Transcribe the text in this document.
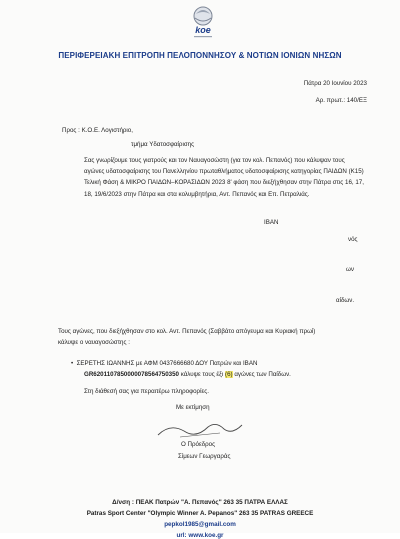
koe
ΠΕΡΙΦΕΡΕΙΑΚΗ ΕΠΙΤΡΟΠΗ ΠΕΛΟΠΟΝΝΗΣΟΥ & ΝΟΤΙΩΝ ΙΟΝΙΩΝ ΝΗΣΩΝ
Πάτρα 20 Ιουνίου 2023
Αρ. πρωτ.: 140/ΕΞ
Προς : Κ.Ο.Ε. Λογιστήριο,
τμήμα Υδατοσφαίρισης
Σας γνωρίζουμε τους γιατρούς και τον Ναυαγοσώστη (για τον κολ. Πεπανός) που κάλυψαν τους αγώνες υδατοσφαίρισης του Πανελληνίου πρωταθλήματος υδατοσφαίρισης κατηγορίας ΠΑΙΔΩΝ (Κ15) Τελική Φάση & ΜΙΚΡΟ ΠΑΙΔΩΝ–ΚΟΡΑΣΙΔΩΝ 2023 8' φάση που διεξήχθησαν στην Πάτρα στις 16, 17, 18, 19/6/2023 στην Πάτρα και στα κολυμβητήρια, Αντ. Πεπανός και Επ. Πετραλιάς.
ΙΒΑΝ
νός
ων
αίδων.
Τους αγώνες, που διεξήχθησαν στο κολ. Αντ. Πεπανός (Σαββάτο απόγευμα και Κυριακή πρωί)
κάλυψε ο ναυαγοσώστης :
•  ΣΕΡΕΤΗΣ ΙΩΑΝΝΗΣ με ΑΦΜ 0437666680 ΔΟΥ Πατρών και ΙΒΑΝ
GR6201107850000078564750350 κάλυψε τους έξι (6) αγώνες των Παίδων.
Στη διάθεσή σας για περαιτέρω πληροφορίες.
Με εκτίμηση
Ο Πρόεδρος
Σίμεων Γεωργαράς
Δ/νση : ΠΕΑΚ Πατρών "Α. Πεπανός" 263 35 ΠΑΤΡΑ ΕΛΛΑΣ
Patras Sport Center "Olympic Winner A. Pepanos" 263 35 PATRAS GREECE
pepkol1985@gmail.com
url: www.koe.gr
